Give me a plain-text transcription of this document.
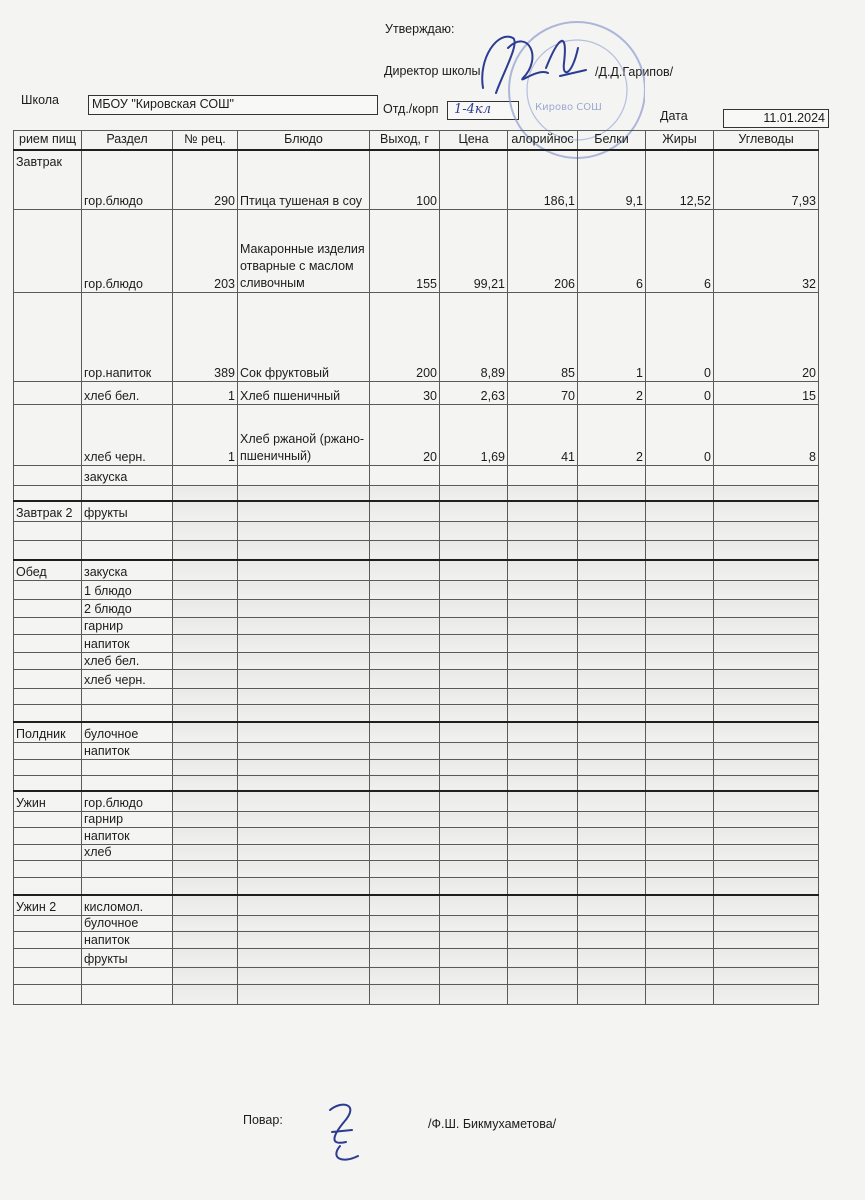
Утверждаю:
Директор школы	/Д.Д.Гарипов/
Школа	МБОУ "Кировская СОШ"	Отд./корп 1-4кл	Дата	11.01.2024
Кирово СОШ
рием пищ	Раздел	№ рец.	Блюдо	Выход, г	Цена	алорийнос	Белки	Жиры	Углеводы
Завтрак	гор.блюдо	290	Птица тушеная в соу	100		186,1	9,1	12,52	7,93
	гор.блюдо	203	Макаронные изделия отварные с маслом сливочным	155	99,21	206	6	6	32
	гор.напиток	389	Сок фруктовый	200	8,89	85	1	0	20
	хлеб бел.	1	Хлеб пшеничный	30	2,63	70	2	0	15
	хлеб черн.	1	Хлеб ржаной (ржано-пшеничный)	20	1,69	41	2	0	8
	закуска								

Завтрак 2	фрукты								

Обед	закуска								
	1 блюдо								
	2 блюдо								
	гарнир								
	напиток								
	хлеб бел.								
	хлеб черн.								

Полдник	булочное								
	напиток								

Ужин	гор.блюдо								
	гарнир								
	напиток								
	хлеб								

Ужин 2	кисломол.								
	булочное								
	напиток								
	фрукты								

Повар:	/Ф.Ш. Бикмухаметова/
